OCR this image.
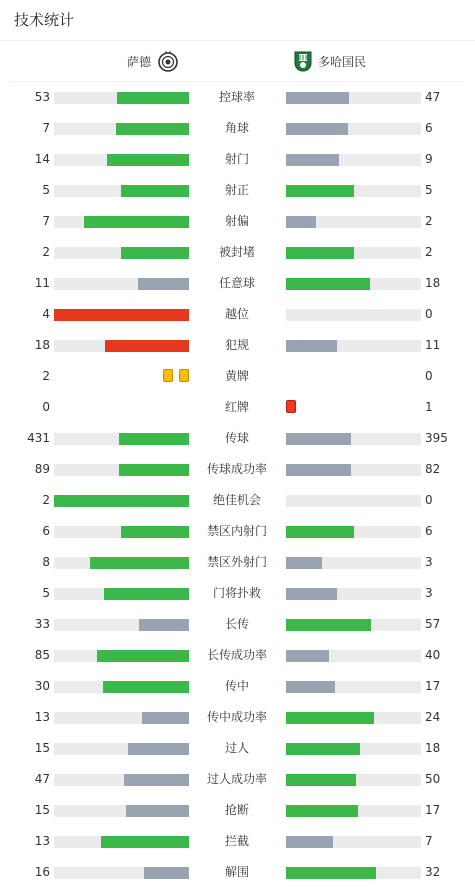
技术统计
萨德	多哈国民
53	控球率	47
7	角球	6
14	射门	9
5	射正	5
7	射偏	2
2	被封堵	2
11	任意球	18
4	越位	0
18	犯规	11
2	黄牌	0
0	红牌	1
431	传球	395
89	传球成功率	82
2	绝佳机会	0
6	禁区内射门	6
8	禁区外射门	3
5	门将扑救	3
33	长传	57
85	长传成功率	40
30	传中	17
13	传中成功率	24
15	过人	18
47	过人成功率	50
15	抢断	17
13	拦截	7
16	解围	32
